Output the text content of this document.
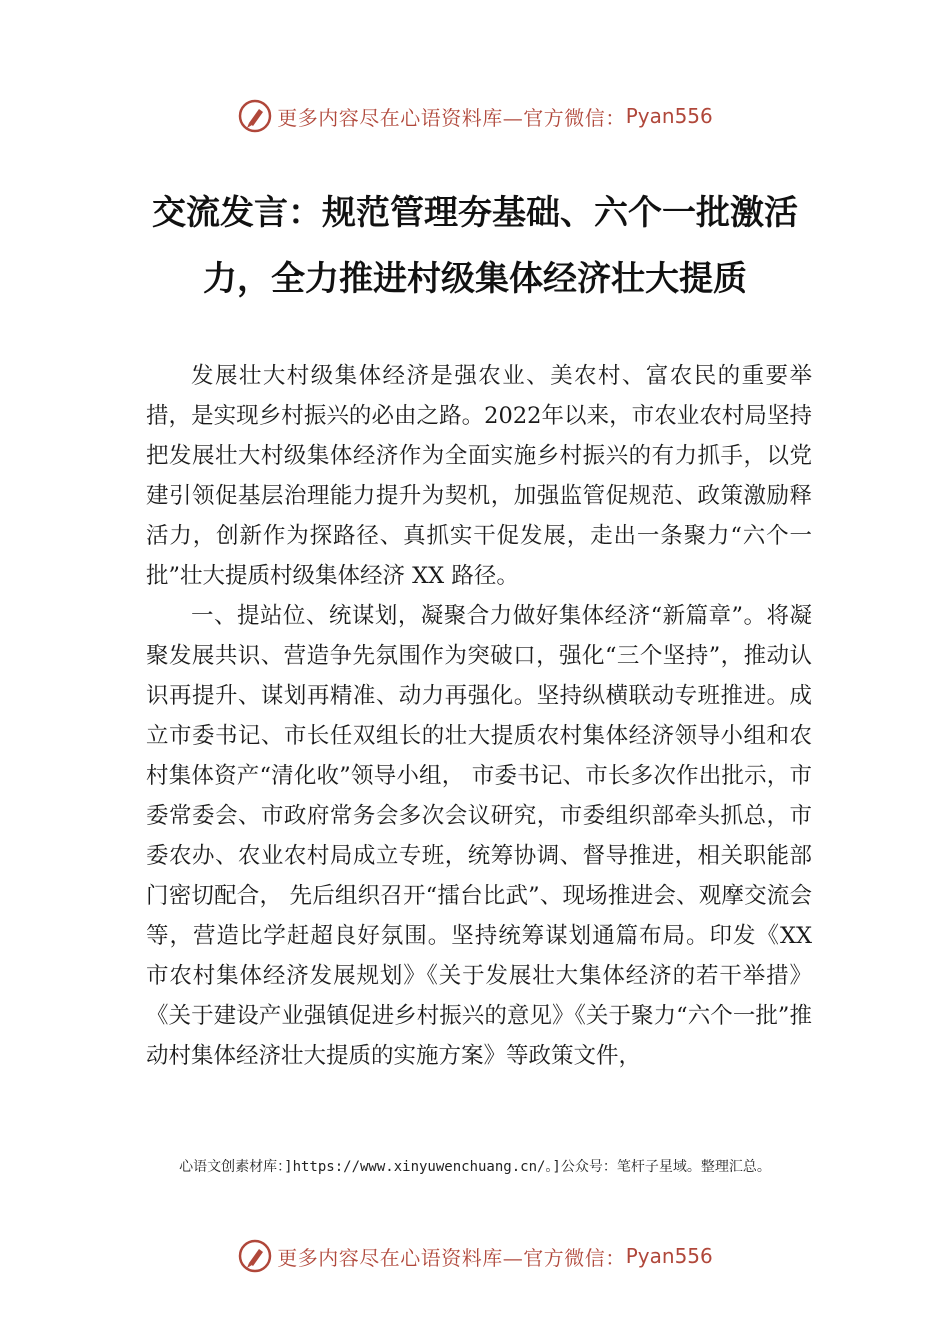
更多内容尽在心语资料库—官方微信： Pyan556
交流发言：规范管理夯基础、六个一批激活力，全力推进村级集体经济壮大提质

发展壮大村级集体经济是强农业、美农村、富农民的重要举措，是实现乡村振兴的必由之路。2022年以来，市农业农村局坚持把发展壮大村级集体经济作为全面实施乡村振兴的有力抓手，以党建引领促基层治理能力提升为契机，加强监管促规范、政策激励释活力，创新作为探路径、真抓实干促发展，走出一条聚力“六个一批”壮大提质村级集体经济 XX 路径。

一、提站位、统谋划，凝聚合力做好集体经济“新篇章”。将凝聚发展共识、营造争先氛围作为突破口，强化“三个坚持”，推动认识再提升、谋划再精准、动力再强化。坚持纵横联动专班推进。成立市委书记、市长任双组长的壮大提质农村集体经济领导小组和农村集体资产“清化收”领导小组， 市委书记、市长多次作出批示，市委常委会、市政府常务会多次会议研究，市委组织部牵头抓总，市委农办、农业农村局成立专班，统筹协调、督导推进，相关职能部门密切配合， 先后组织召开“擂台比武”、现场推进会、观摩交流会等，营造比学赶超良好氛围。坚持统筹谋划通篇布局。印发《XX 市农村集体经济发展规划》《关于发展壮大集体经济的若干举措》《关于建设产业强镇促进乡村振兴的意见》《关于聚力“六个一批”推动村集体经济壮大提质的实施方案》等政策文件，

心语文创素材库：]https://www.xinyuwenchuang.cn/。]公众号：笔杆子星域。整理汇总。
更多内容尽在心语资料库—官方微信： Pyan556
